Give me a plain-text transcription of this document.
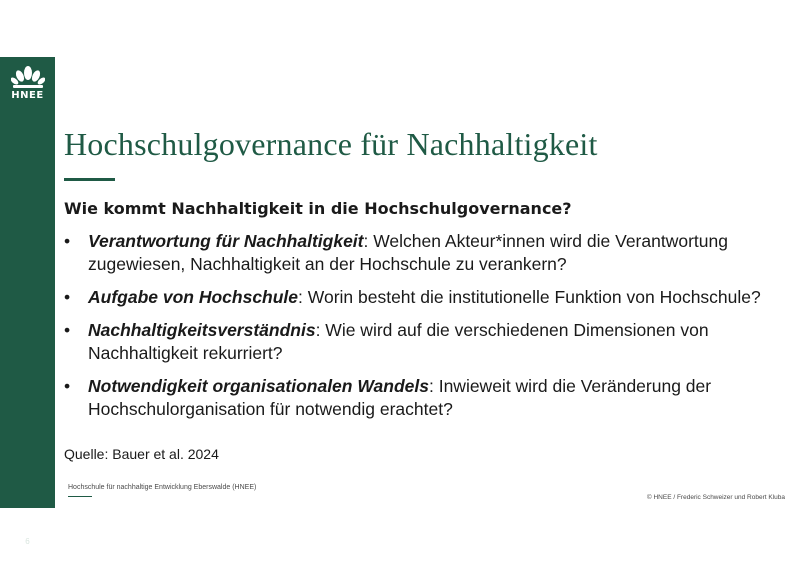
HNEE
6
Hochschulgovernance für Nachhaltigkeit

Wie kommt Nachhaltigkeit in die Hochschulgovernance?

• Verantwortung für Nachhaltigkeit: Welchen Akteur*innen wird die Verantwortung zugewiesen, Nachhaltigkeit an der Hochschule zu verankern?
• Aufgabe von Hochschule: Worin besteht die institutionelle Funktion von Hochschule?
• Nachhaltigkeitsverständnis: Wie wird auf die verschiedenen Dimensionen von Nachhaltigkeit rekurriert?
• Notwendigkeit organisationalen Wandels: Inwieweit wird die Veränderung der Hochschulorganisation für notwendig erachtet?

Quelle: Bauer et al. 2024

Hochschule für nachhaltige Entwicklung Eberswalde (HNEE)
© HNEE / Frederic Schweizer und Robert Kluba
